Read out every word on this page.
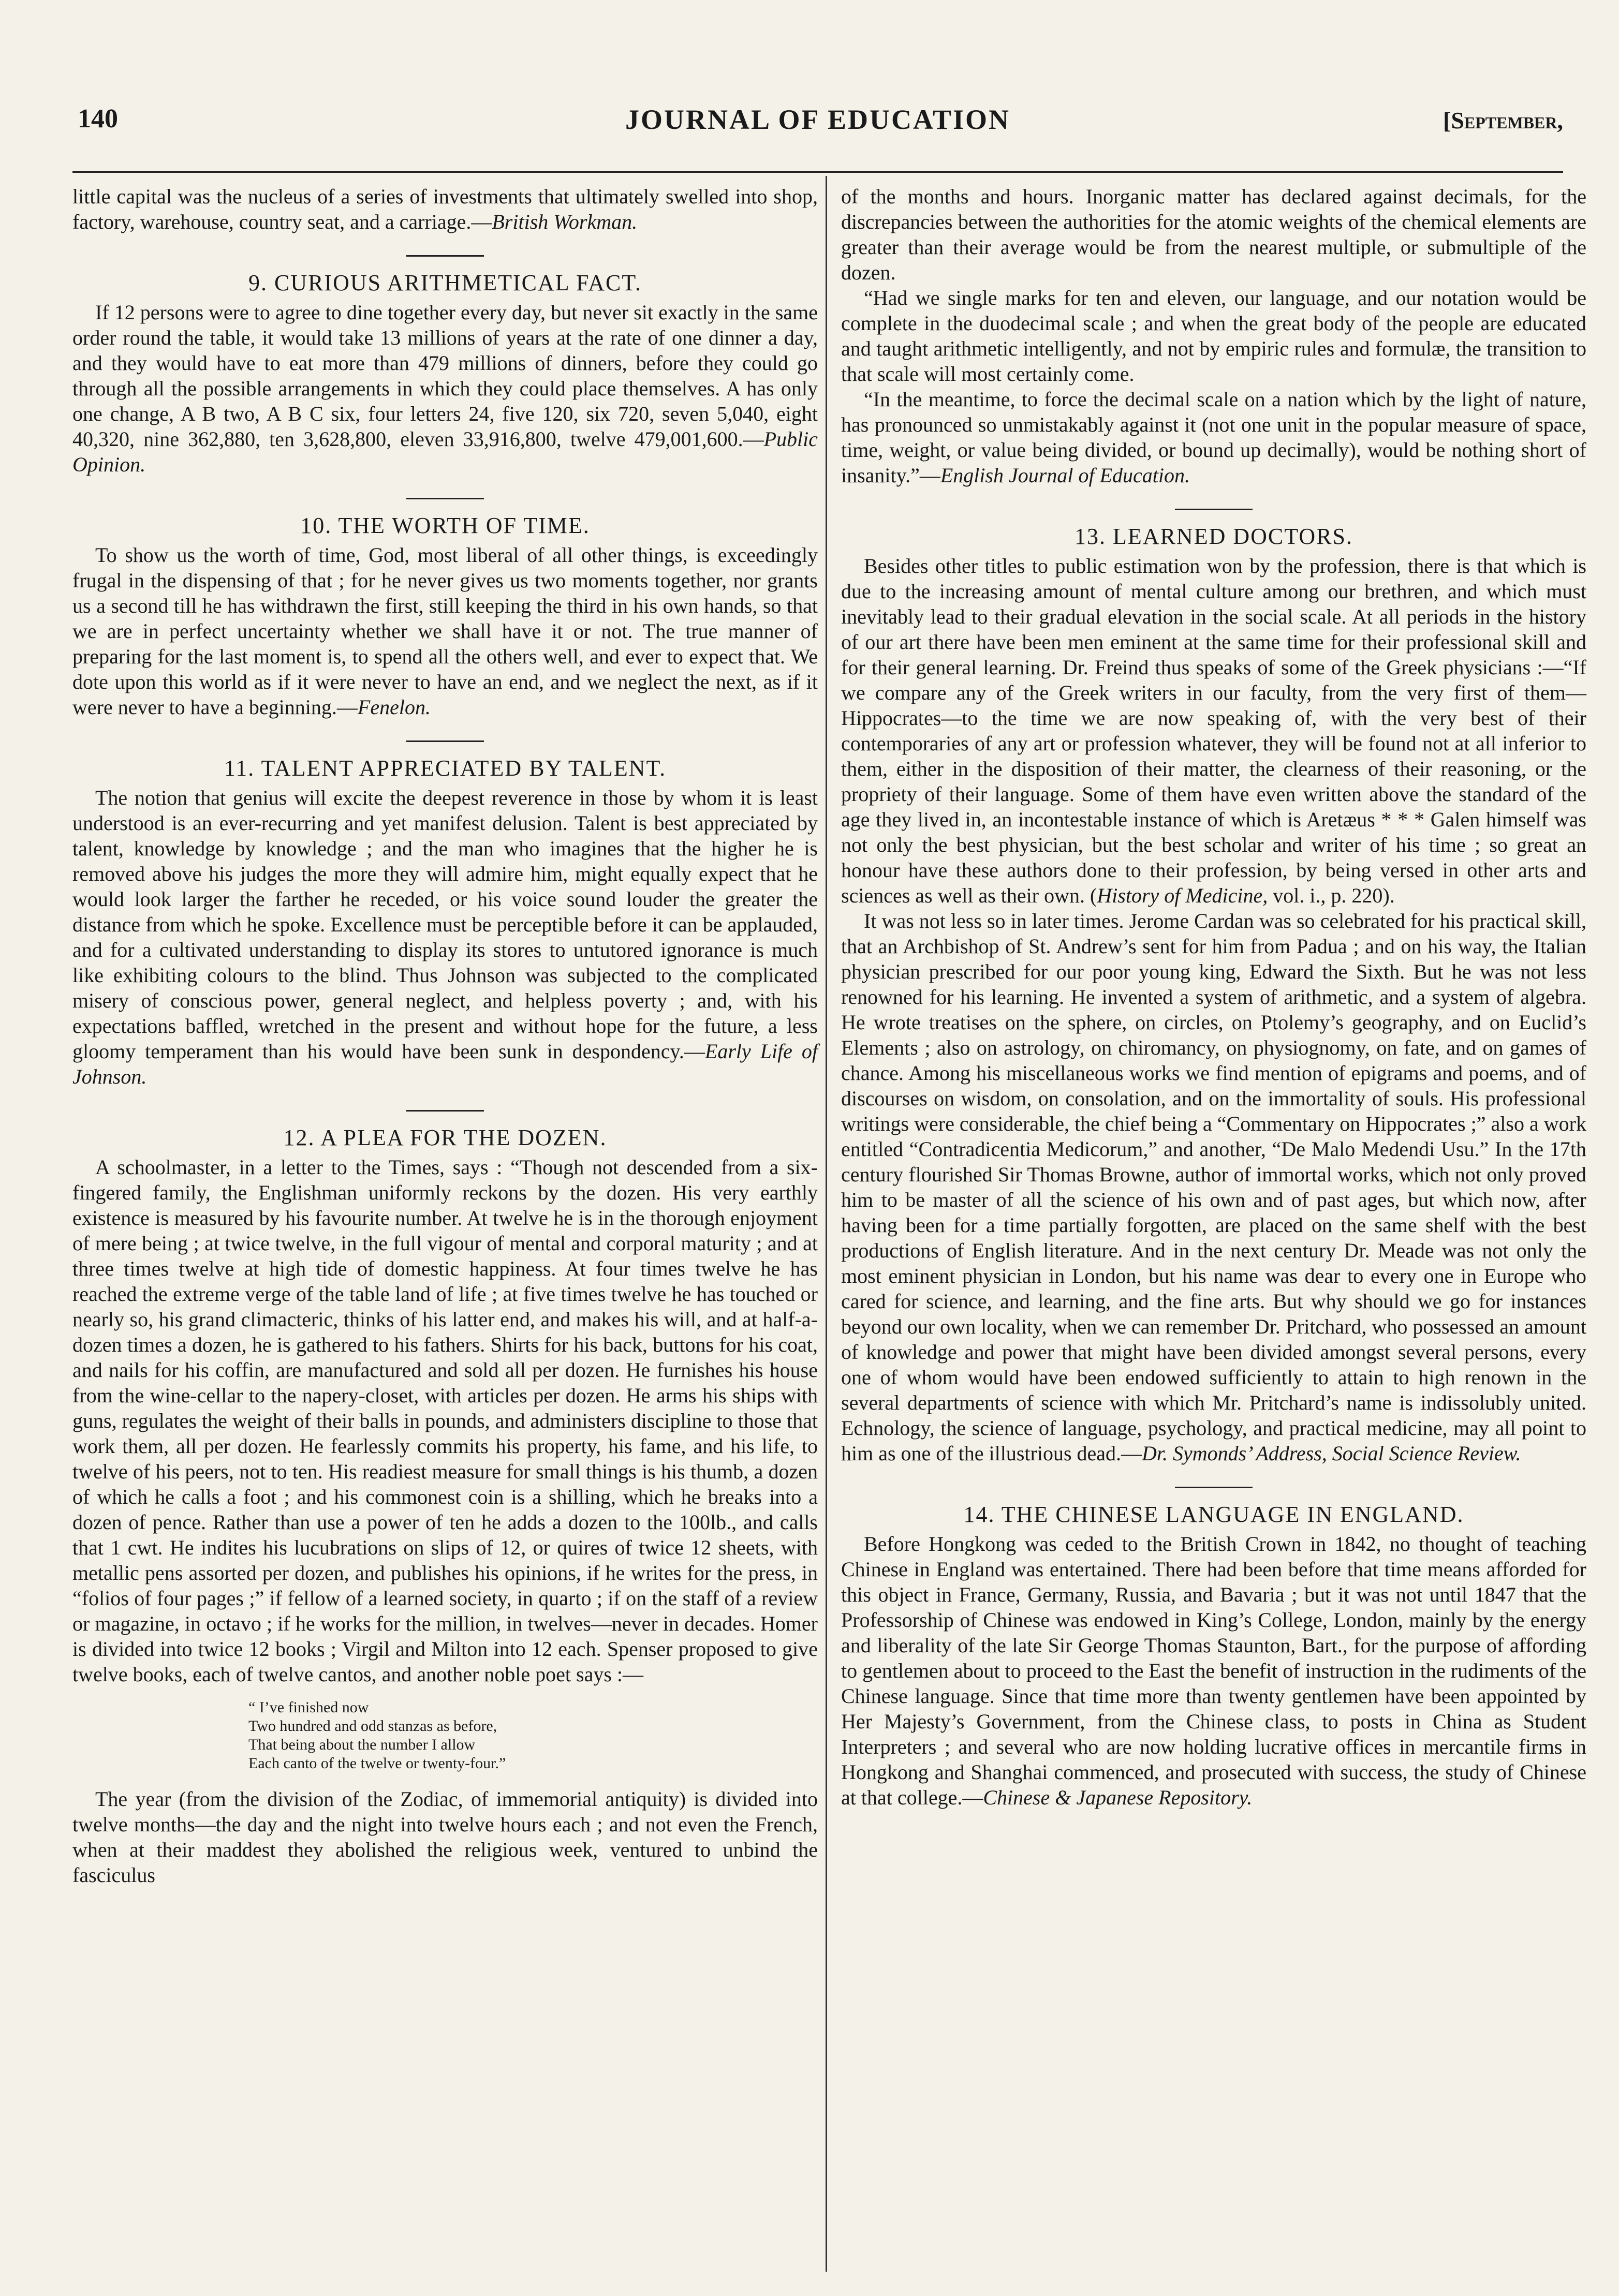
140	JOURNAL OF EDUCATION	[September,

little capital was the nucleus of a series of investments that ultimately swelled into shop, factory, warehouse, country seat, and a carriage.—British Workman.

9. CURIOUS ARITHMETICAL FACT.

If 12 persons were to agree to dine together every day, but never sit exactly in the same order round the table, it would take 13 millions of years at the rate of one dinner a day, and they would have to eat more than 479 millions of dinners, before they could go through all the possible arrangements in which they could place themselves. A has only one change, A B two, A B C six, four letters 24, five 120, six 720, seven 5,040, eight 40,320, nine 362,880, ten 3,628,800, eleven 33,916,800, twelve 479,001,600.—Public Opinion.

10. THE WORTH OF TIME.

To show us the worth of time, God, most liberal of all other things, is exceedingly frugal in the dispensing of that ; for he never gives us two moments together, nor grants us a second till he has withdrawn the first, still keeping the third in his own hands, so that we are in perfect uncertainty whether we shall have it or not. The true manner of preparing for the last moment is, to spend all the others well, and ever to expect that. We dote upon this world as if it were never to have an end, and we neglect the next, as if it were never to have a beginning.—Fenelon.

11. TALENT APPRECIATED BY TALENT.

The notion that genius will excite the deepest reverence in those by whom it is least understood is an ever-recurring and yet manifest delusion. Talent is best appreciated by talent, knowledge by knowledge ; and the man who imagines that the higher he is removed above his judges the more they will admire him, might equally expect that he would look larger the farther he receded, or his voice sound louder the greater the distance from which he spoke. Excellence must be perceptible before it can be applauded, and for a cultivated understanding to display its stores to untutored ignorance is much like exhibiting colours to the blind. Thus Johnson was subjected to the complicated misery of conscious power, general neglect, and helpless poverty ; and, with his expectations baffled, wretched in the present and without hope for the future, a less gloomy temperament than his would have been sunk in despondency.—Early Life of Johnson.

12. A PLEA FOR THE DOZEN.

A schoolmaster, in a letter to the Times, says : “Though not descended from a six-fingered family, the Englishman uniformly reckons by the dozen. His very earthly existence is measured by his favourite number. At twelve he is in the thorough enjoyment of mere being ; at twice twelve, in the full vigour of mental and corporal maturity ; and at three times twelve at high tide of domestic happiness. At four times twelve he has reached the extreme verge of the table land of life ; at five times twelve he has touched or nearly so, his grand climacteric, thinks of his latter end, and makes his will, and at half-a-dozen times a dozen, he is gathered to his fathers. Shirts for his back, buttons for his coat, and nails for his coffin, are manufactured and sold all per dozen. He furnishes his house from the wine-cellar to the napery-closet, with articles per dozen. He arms his ships with guns, regulates the weight of their balls in pounds, and administers discipline to those that work them, all per dozen. He fearlessly commits his property, his fame, and his life, to twelve of his peers, not to ten. His readiest measure for small things is his thumb, a dozen of which he calls a foot ; and his commonest coin is a shilling, which he breaks into a dozen of pence. Rather than use a power of ten he adds a dozen to the 100lb., and calls that 1 cwt. He indites his lucubrations on slips of 12, or quires of twice 12 sheets, with metallic pens assorted per dozen, and publishes his opinions, if he writes for the press, in “folios of four pages ;” if fellow of a learned society, in quarto ; if on the staff of a review or magazine, in octavo ; if he works for the million, in twelves—never in decades. Homer is divided into twice 12 books ; Virgil and Milton into 12 each. Spenser proposed to give twelve books, each of twelve cantos, and another noble poet says :—

“ I’ve finished now
Two hundred and odd stanzas as before,
That being about the number I allow
Each canto of the twelve or twenty-four.”

The year (from the division of the Zodiac, of immemorial antiquity) is divided into twelve months—the day and the night into twelve hours each ; and not even the French, when at their maddest they abolished the religious week, ventured to unbind the fasciculus

of the months and hours. Inorganic matter has declared against decimals, for the discrepancies between the authorities for the atomic weights of the chemical elements are greater than their average would be from the nearest multiple, or submultiple of the dozen.

“Had we single marks for ten and eleven, our language, and our notation would be complete in the duodecimal scale ; and when the great body of the people are educated and taught arithmetic intelligently, and not by empiric rules and formulæ, the transition to that scale will most certainly come.

“In the meantime, to force the decimal scale on a nation which by the light of nature, has pronounced so unmistakably against it (not one unit in the popular measure of space, time, weight, or value being divided, or bound up decimally), would be nothing short of insanity.”—English Journal of Education.

13. LEARNED DOCTORS.

Besides other titles to public estimation won by the profession, there is that which is due to the increasing amount of mental culture among our brethren, and which must inevitably lead to their gradual elevation in the social scale. At all periods in the history of our art there have been men eminent at the same time for their professional skill and for their general learning. Dr. Freind thus speaks of some of the Greek physicians :—“If we compare any of the Greek writers in our faculty, from the very first of them—Hippocrates—to the time we are now speaking of, with the very best of their contemporaries of any art or profession whatever, they will be found not at all inferior to them, either in the disposition of their matter, the clearness of their reasoning, or the propriety of their language. Some of them have even written above the standard of the age they lived in, an incontestable instance of which is Aretæus * * * Galen himself was not only the best physician, but the best scholar and writer of his time ; so great an honour have these authors done to their profession, by being versed in other arts and sciences as well as their own. (History of Medicine, vol. i., p. 220).

It was not less so in later times. Jerome Cardan was so celebrated for his practical skill, that an Archbishop of St. Andrew’s sent for him from Padua ; and on his way, the Italian physician prescribed for our poor young king, Edward the Sixth. But he was not less renowned for his learning. He invented a system of arithmetic, and a system of algebra. He wrote treatises on the sphere, on circles, on Ptolemy’s geography, and on Euclid’s Elements ; also on astrology, on chiromancy, on physiognomy, on fate, and on games of chance. Among his miscellaneous works we find mention of epigrams and poems, and of discourses on wisdom, on consolation, and on the immortality of souls. His professional writings were considerable, the chief being a “Commentary on Hippocrates ;” also a work entitled “Contradicentia Medicorum,” and another, “De Malo Medendi Usu.” In the 17th century flourished Sir Thomas Browne, author of immortal works, which not only proved him to be master of all the science of his own and of past ages, but which now, after having been for a time partially forgotten, are placed on the same shelf with the best productions of English literature. And in the next century Dr. Meade was not only the most eminent physician in London, but his name was dear to every one in Europe who cared for science, and learning, and the fine arts. But why should we go for instances beyond our own locality, when we can remember Dr. Pritchard, who possessed an amount of knowledge and power that might have been divided amongst several persons, every one of whom would have been endowed sufficiently to attain to high renown in the several departments of science with which Mr. Pritchard’s name is indissolubly united. Echnology, the science of language, psychology, and practical medicine, may all point to him as one of the illustrious dead.—Dr. Symonds’ Address, Social Science Review.

14. THE CHINESE LANGUAGE IN ENGLAND.

Before Hongkong was ceded to the British Crown in 1842, no thought of teaching Chinese in England was entertained. There had been before that time means afforded for this object in France, Germany, Russia, and Bavaria ; but it was not until 1847 that the Professorship of Chinese was endowed in King’s College, London, mainly by the energy and liberality of the late Sir George Thomas Staunton, Bart., for the purpose of affording to gentlemen about to proceed to the East the benefit of instruction in the rudiments of the Chinese language. Since that time more than twenty gentlemen have been appointed by Her Majesty’s Government, from the Chinese class, to posts in China as Student Interpreters ; and several who are now holding lucrative offices in mercantile firms in Hongkong and Shanghai commenced, and prosecuted with success, the study of Chinese at that college.—Chinese & Japanese Repository.
